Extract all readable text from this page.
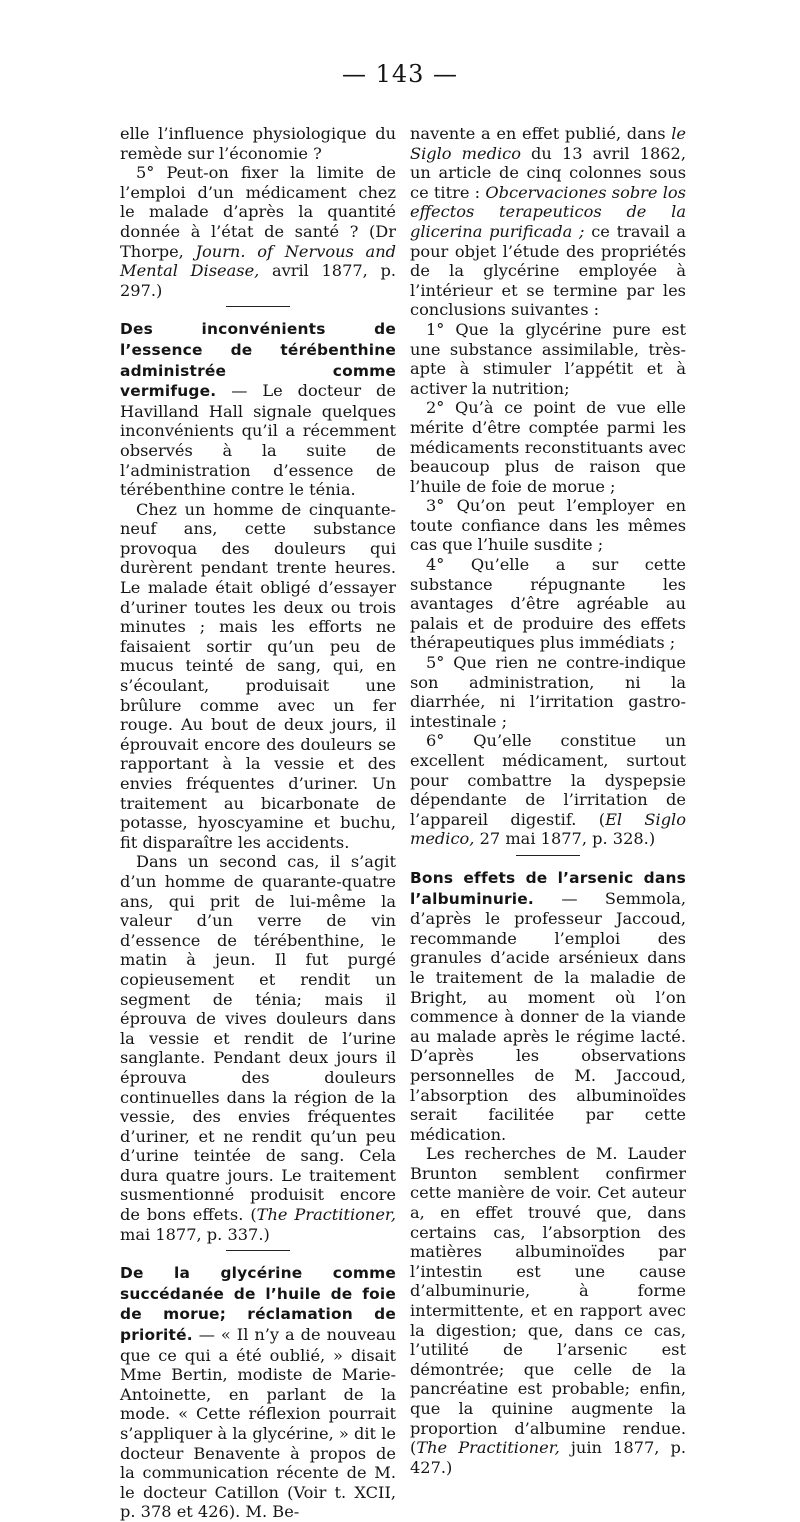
— 143 —

elle l’influence physiologique du remède sur l’économie ?

5° Peut-on fixer la limite de l’emploi d’un médicament chez le malade d’après la quantité donnée à l’état de santé ? (Dr Thorpe, Journ. of Nervous and Mental Disease, avril 1877, p. 297.)

Des inconvénients de l’essence de térébenthine administrée comme vermifuge. — Le docteur de Havilland Hall signale quelques inconvénients qu’il a récemment observés à la suite de l’administration d’essence de térébenthine contre le ténia.

Chez un homme de cinquante-neuf ans, cette substance provoqua des douleurs qui durèrent pendant trente heures. Le malade était obligé d’essayer d’uriner toutes les deux ou trois minutes ; mais les efforts ne faisaient sortir qu’un peu de mucus teinté de sang, qui, en s’écoulant, produisait une brûlure comme avec un fer rouge. Au bout de deux jours, il éprouvait encore des douleurs se rapportant à la vessie et des envies fréquentes d’uriner. Un traitement au bicarbonate de potasse, hyoscyamine et buchu, fit disparaître les accidents.

Dans un second cas, il s’agit d’un homme de quarante-quatre ans, qui prit de lui-même la valeur d’un verre de vin d’essence de térébenthine, le matin à jeun. Il fut purgé copieusement et rendit un segment de ténia; mais il éprouva de vives douleurs dans la vessie et rendit de l’urine sanglante. Pendant deux jours il éprouva des douleurs continuelles dans la région de la vessie, des envies fréquentes d’uriner, et ne rendit qu’un peu d’urine teintée de sang. Cela dura quatre jours. Le traitement susmentionné produisit encore de bons effets. (The Practitioner, mai 1877, p. 337.)

De la glycérine comme succédanée de l’huile de foie de morue; réclamation de priorité. — « Il n’y a de nouveau que ce qui a été oublié, » disait Mme Bertin, modiste de Marie-Antoinette, en parlant de la mode. « Cette réflexion pourrait s’appliquer à la glycérine, » dit le docteur Benavente à propos de la communication récente de M. le docteur Catillon (Voir t. XCII, p. 378 et 426). M. Be-

navente a en effet publié, dans le Siglo medico du 13 avril 1862, un article de cinq colonnes sous ce titre : Obcervaciones sobre los effectos terapeuticos de la glicerina purificada ; ce travail a pour objet l’étude des propriétés de la glycérine employée à l’intérieur et se termine par les conclusions suivantes :

1° Que la glycérine pure est une substance assimilable, très-apte à stimuler l’appétit et à activer la nutrition;

2° Qu’à ce point de vue elle mérite d’être comptée parmi les médicaments reconstituants avec beaucoup plus de raison que l’huile de foie de morue ;

3° Qu’on peut l’employer en toute confiance dans les mêmes cas que l’huile susdite ;

4° Qu’elle a sur cette substance répugnante les avantages d’être agréable au palais et de produire des effets thérapeutiques plus immédiats ;

5° Que rien ne contre-indique son administration, ni la diarrhée, ni l’irritation gastro-intestinale ;

6° Qu’elle constitue un excellent médicament, surtout pour combattre la dyspepsie dépendante de l’irritation de l’appareil digestif. (El Siglo medico, 27 mai 1877, p. 328.)

Bons effets de l’arsenic dans l’albuminurie. — Semmola, d’après le professeur Jaccoud, recommande l’emploi des granules d’acide arsénieux dans le traitement de la maladie de Bright, au moment où l’on commence à donner de la viande au malade après le régime lacté. D’après les observations personnelles de M. Jaccoud, l’absorption des albuminoïdes serait facilitée par cette médication.

Les recherches de M. Lauder Brunton semblent confirmer cette manière de voir. Cet auteur a, en effet trouvé que, dans certains cas, l’absorption des matières albuminoïdes par l’intestin est une cause d’albuminurie, à forme intermittente, et en rapport avec la digestion; que, dans ce cas, l’utilité de l’arsenic est démontrée; que celle de la pancréatine est probable; enfin, que la quinine augmente la proportion d’albumine rendue. (The Practitioner, juin 1877, p. 427.)
